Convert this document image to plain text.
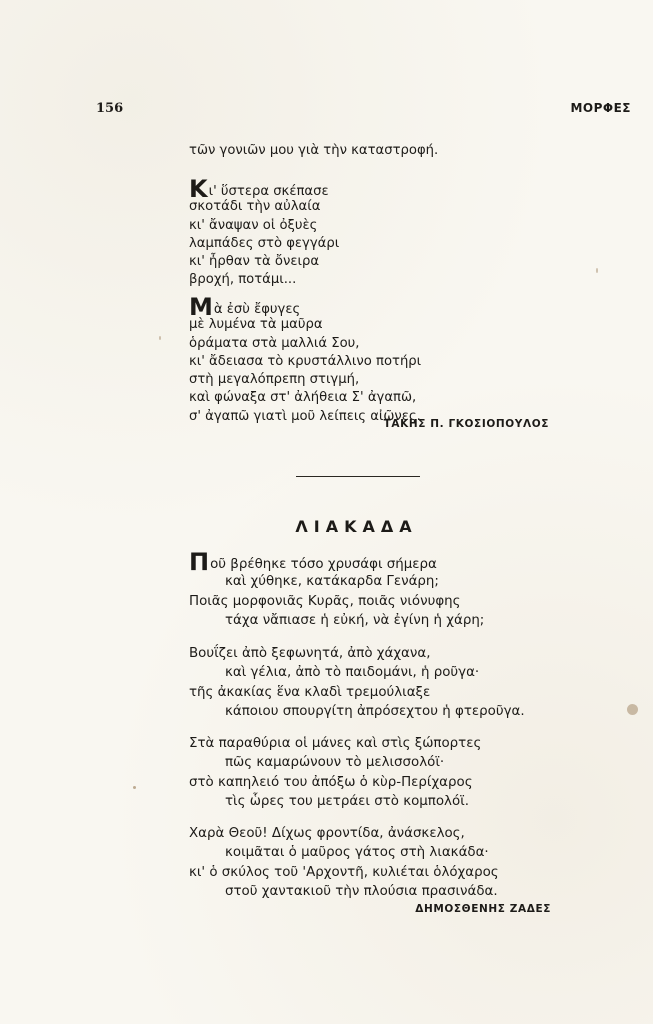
156	ΜΟΡΦΕΣ
τῶν γονιῶν μου γιὰ τὴν καταστροφή.
Κι' ὕστερα σκέπασε
σκοτάδι τὴν αὐλαία
κι' ἄναψαν οἱ ὀξυὲς
λαμπάδες στὸ φεγγάρι
κι' ἦρθαν τὰ ὄνειρα
βροχή, ποτάμι...
Μὰ ἐσὺ ἔφυγες
μὲ λυμένα τὰ μαῦρα
ὁράματα στὰ μαλλιά Σου,
κι' ἄδειασα τὸ κρυστάλλινο ποτήρι
στὴ μεγαλόπρεπη στιγμή,
καὶ φώναξα στ' ἀλήθεια Σ' ἀγαπῶ,
σ' ἀγαπῶ γιατὶ μοῦ λείπεις αἰῶνες.
ΤΑΚΗΣ Π. ΓΚΟΣΙΟΠΟΥΛΟΣ
ΛΙΑΚΑΔΑ
Ποῦ βρέθηκε τόσο χρυσάφι σήμερα
καὶ χύθηκε, κατάκαρδα Γενάρη;
Ποιᾶς μορφονιᾶς Κυρᾶς, ποιᾶς νιόνυφης
τάχα νἄπιασε ἡ εὐκή, νὰ ἐγίνη ἡ χάρη;
Βουΐζει ἀπὸ ξεφωνητά, ἀπὸ χάχανα,
καὶ γέλια, ἀπὸ τὸ παιδομάνι, ἡ ροῦγα·
τῆς ἀκακίας ἕνα κλαδὶ τρεμούλιαξε
κάποιου σπουργίτη ἀπρόσεχτου ἡ φτεροῦγα.
Στὰ παραθύρια οἱ μάνες καὶ στὶς ξώπορτες
πῶς καμαρώνουν τὸ μελισσολόϊ·
στὸ καπηλειό του ἀπόξω ὁ κὺρ-Περίχαρος
τὶς ὧρες του μετράει στὸ κομπολόϊ.
Χαρὰ Θεοῦ! Δίχως φροντίδα, ἀνάσκελος,
κοιμᾶται ὁ μαῦρος γάτος στὴ λιακάδα·
κι' ὁ σκύλος τοῦ 'Αρχοντῆ, κυλιέται ὁλόχαρος
στοῦ χαντακιοῦ τὴν πλούσια πρασινάδα.
ΔΗΜΟΣΘΕΝΗΣ ΖΑΔΕΣ
